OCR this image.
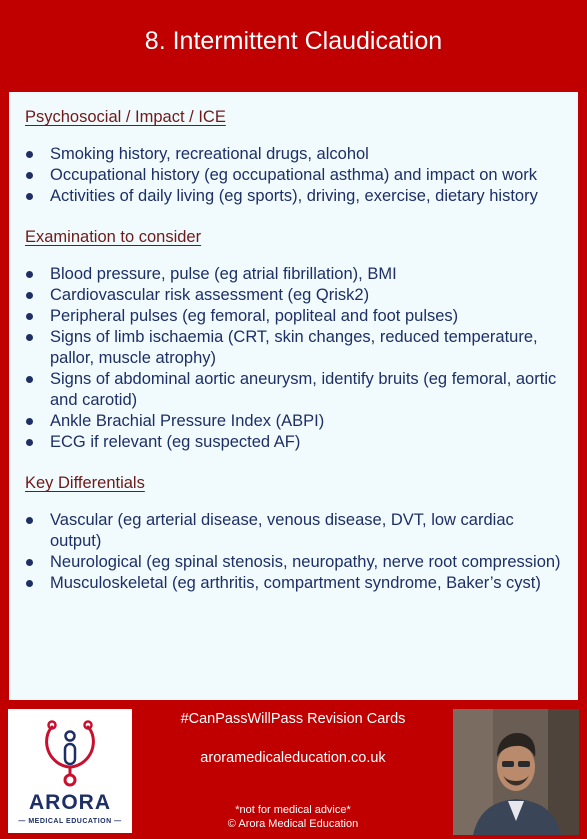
8. Intermittent Claudication
Psychosocial / Impact / ICE
Smoking history, recreational drugs, alcohol
Occupational history (eg occupational asthma) and impact on work
Activities of daily living (eg sports), driving, exercise, dietary history
Examination to consider
Blood pressure, pulse (eg atrial fibrillation), BMI
Cardiovascular risk assessment (eg Qrisk2)
Peripheral pulses (eg femoral, popliteal and foot pulses)
Signs of limb ischaemia (CRT, skin changes, reduced temperature, pallor, muscle atrophy)
Signs of abdominal aortic aneurysm, identify bruits (eg femoral, aortic and carotid)
Ankle Brachial Pressure Index (ABPI)
ECG if relevant (eg suspected AF)
Key Differentials
Vascular (eg arterial disease, venous disease, DVT, low cardiac output)
Neurological (eg spinal stenosis, neuropathy, nerve root compression)
Musculoskeletal (eg arthritis, compartment syndrome, Baker’s cyst)
ARORA
— MEDICAL EDUCATION —
#CanPassWillPass Revision Cards
aroramedicaleducation.co.uk
*not for medical advice*
© Arora Medical Education
